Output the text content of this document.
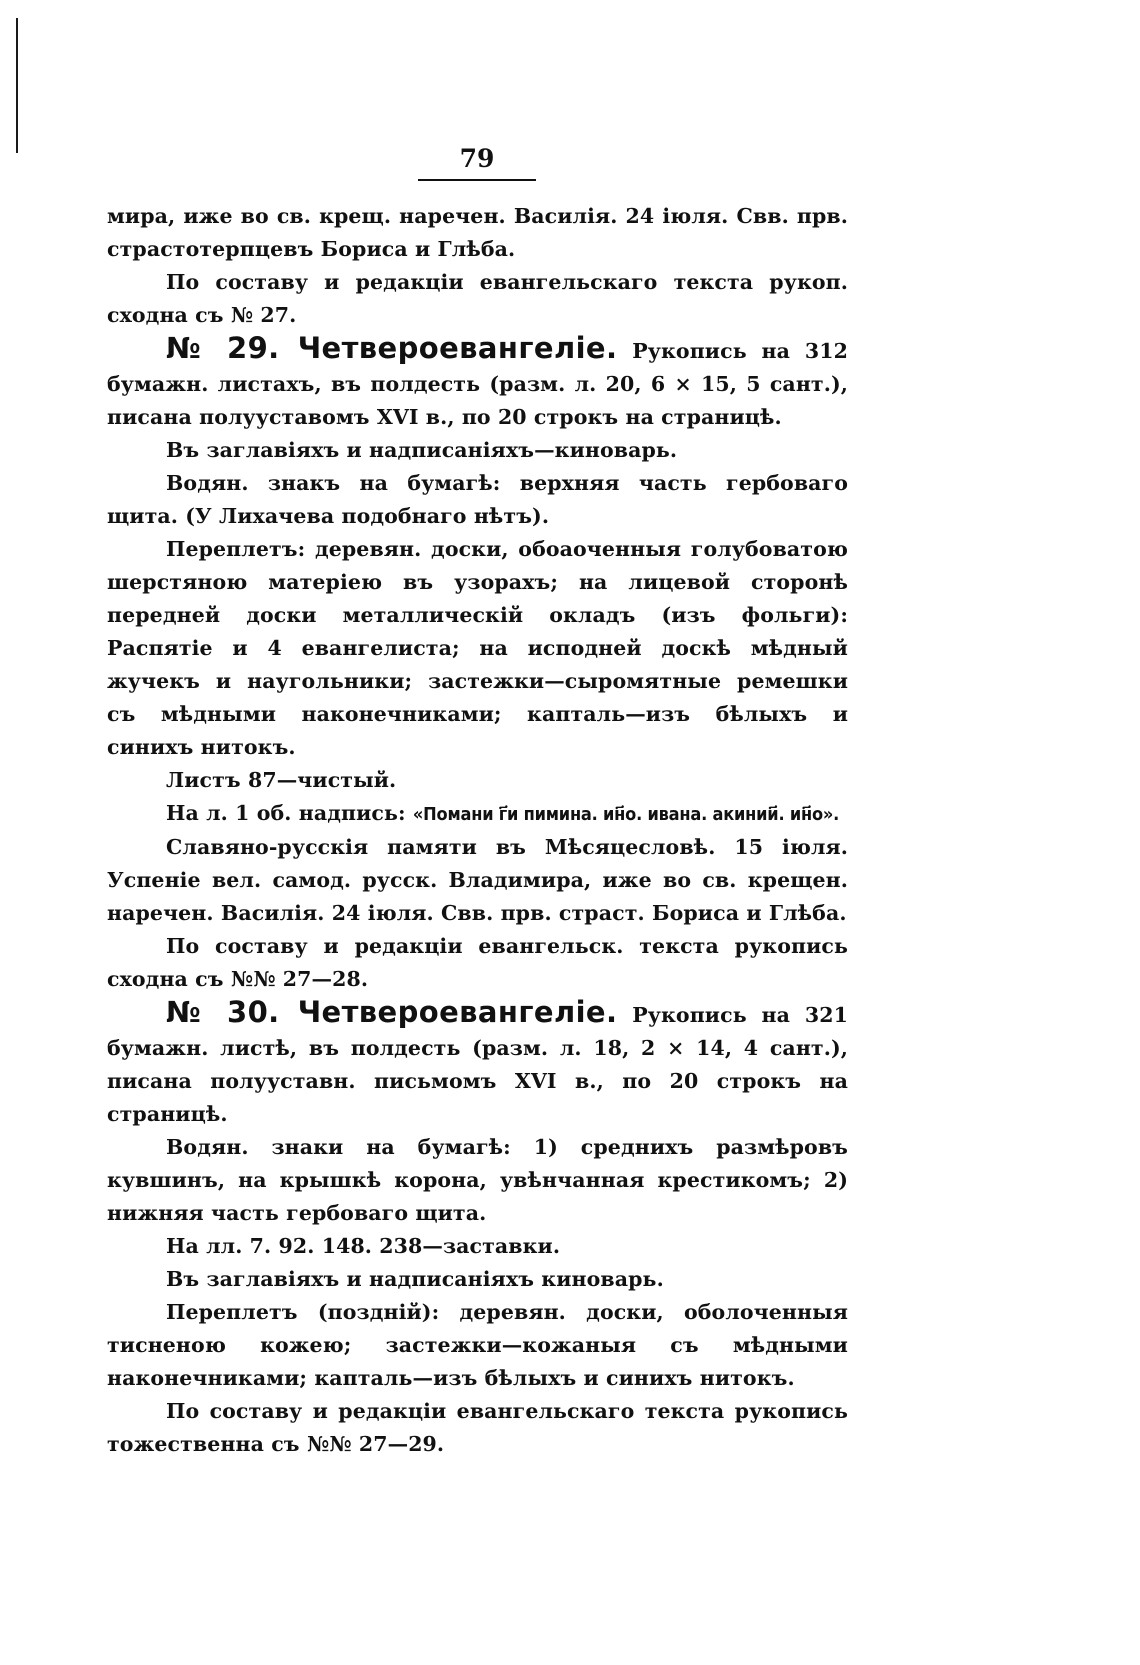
79

мира, иже во св. крещ. наречен. Василія. 24 іюля. Свв. прв. страстотерпцевъ Бориса и Глѣба.

По составу и редакціи евангельскаго текста рукоп. сходна съ № 27.

№ 29. Четвероевангеліе. Рукопись на 312 бумажн. листахъ, въ полдесть (разм. л. 20, 6 × 15, 5 сант.), писана полууставомъ XVI в., по 20 строкъ на страницѣ.

Въ заглавіяхъ и надписаніяхъ—киноварь.

Водян. знакъ на бумагѣ: верхняя часть гербоваго щита. (У Лихачева подобнаго нѣтъ).

Переплетъ: деревян. доски, обоaоченныя голубоватою шерстяною матеріею въ узорахъ; на лицевой сторонѣ передней доски металлическій окладъ (изъ фольги): Распятіе и 4 евангелиста; на исподней доскѣ мѣдный жучекъ и наугольники; застежки—сыромятные ремешки съ мѣдными наконечниками; капталь—изъ бѣлыхъ и синихъ нитокъ.

Листъ 87—чистый.

На л. 1 об. надпись: «Помани г҃и пимина. ин҃о. ивана. акинии҃. ин҃о».

Славяно-русскія памяти въ Мѣсяцесловѣ. 15 іюля. Успеніе вел. самод. русск. Владимира, иже во св. крещен. наречен. Василія. 24 іюля. Свв. прв. страст. Бориса и Глѣба.

По составу и редакціи евангельск. текста рукопись сходна съ №№ 27—28.

№ 30. Четвероевангеліе. Рукопись на 321 бумажн. листѣ, въ полдесть (разм. л. 18, 2 × 14, 4 сант.), писана полууставн. письмомъ XVI в., по 20 строкъ на страницѣ.

Водян. знаки на бумагѣ: 1) среднихъ размѣровъ кувшинъ, на крышкѣ корона, увѣнчанная крестикомъ; 2) нижняя часть гербоваго щита.

На лл. 7. 92. 148. 238—заставки.

Въ заглавіяхъ и надписаніяхъ киноварь.

Переплетъ (поздній): деревян. доски, оболоченныя тисненою кожею; застежки—кожаныя съ мѣдными наконечниками; капталь—изъ бѣлыхъ и синихъ нитокъ.

По составу и редакціи евангельскаго текста рукопись тожественна съ №№ 27—29.
